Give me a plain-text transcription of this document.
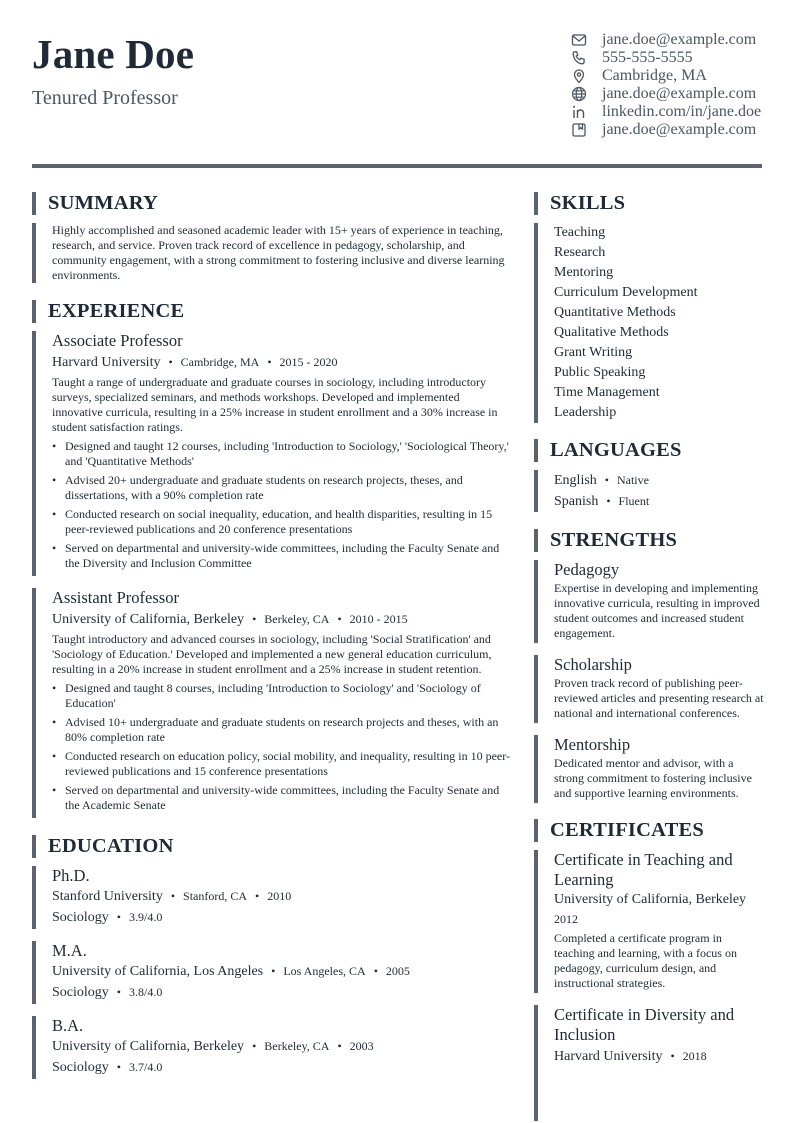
Jane Doe
Tenured Professor
jane.doe@example.com
555-555-5555
Cambridge, MA
jane.doe@example.com
linkedin.com/in/jane.doe
jane.doe@example.com
SUMMARY
Highly accomplished and seasoned academic leader with 15+ years of experience in teaching, research, and service. Proven track record of excellence in pedagogy, scholarship, and community engagement, with a strong commitment to fostering inclusive and diverse learning environments.
EXPERIENCE
Associate Professor
Harvard University • Cambridge, MA • 2015 - 2020
Taught a range of undergraduate and graduate courses in sociology, including introductory surveys, specialized seminars, and methods workshops. Developed and implemented innovative curricula, resulting in a 25% increase in student enrollment and a 30% increase in student satisfaction ratings.
• Designed and taught 12 courses, including 'Introduction to Sociology,' 'Sociological Theory,' and 'Quantitative Methods'
• Advised 20+ undergraduate and graduate students on research projects, theses, and dissertations, with a 90% completion rate
• Conducted research on social inequality, education, and health disparities, resulting in 15 peer-reviewed publications and 20 conference presentations
• Served on departmental and university-wide committees, including the Faculty Senate and the Diversity and Inclusion Committee
Assistant Professor
University of California, Berkeley • Berkeley, CA • 2010 - 2015
Taught introductory and advanced courses in sociology, including 'Social Stratification' and 'Sociology of Education.' Developed and implemented a new general education curriculum, resulting in a 20% increase in student enrollment and a 25% increase in student retention.
• Designed and taught 8 courses, including 'Introduction to Sociology' and 'Sociology of Education'
• Advised 10+ undergraduate and graduate students on research projects and theses, with an 80% completion rate
• Conducted research on education policy, social mobility, and inequality, resulting in 10 peer-reviewed publications and 15 conference presentations
• Served on departmental and university-wide committees, including the Faculty Senate and the Academic Senate
EDUCATION
Ph.D.
Stanford University • Stanford, CA • 2010
Sociology • 3.9/4.0
M.A.
University of California, Los Angeles • Los Angeles, CA • 2005
Sociology • 3.8/4.0
B.A.
University of California, Berkeley • Berkeley, CA • 2003
Sociology • 3.7/4.0
SKILLS
Teaching
Research
Mentoring
Curriculum Development
Quantitative Methods
Qualitative Methods
Grant Writing
Public Speaking
Time Management
Leadership
LANGUAGES
English • Native
Spanish • Fluent
STRENGTHS
Pedagogy
Expertise in developing and implementing innovative curricula, resulting in improved student outcomes and increased student engagement.
Scholarship
Proven track record of publishing peer-reviewed articles and presenting research at national and international conferences.
Mentorship
Dedicated mentor and advisor, with a strong commitment to fostering inclusive and supportive learning environments.
CERTIFICATES
Certificate in Teaching and Learning
University of California, Berkeley
2012
Completed a certificate program in teaching and learning, with a focus on pedagogy, curriculum design, and instructional strategies.
Certificate in Diversity and Inclusion
Harvard University • 2018
